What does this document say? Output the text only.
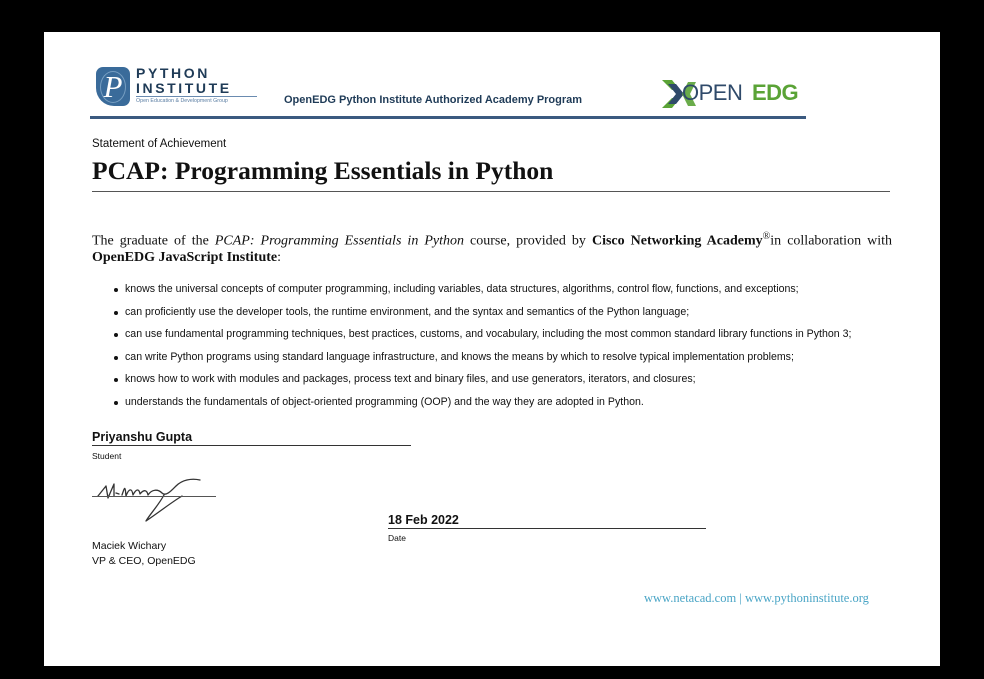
P PYTHON
INSTITUTE
Open Education & Development Group	OpenEDG Python Institute Authorized Academy Program	OPEN EDG
Statement of Achievement
PCAP: Programming Essentials in Python
The graduate of the PCAP: Programming Essentials in Python course, provided by Cisco Networking Academy®in collaboration with OpenEDG JavaScript Institute:
knows the universal concepts of computer programming, including variables, data structures, algorithms, control flow, functions, and exceptions;
can proficiently use the developer tools, the runtime environment, and the syntax and semantics of the Python language;
can use fundamental programming techniques, best practices, customs, and vocabulary, including the most common standard library functions in Python 3;
can write Python programs using standard language infrastructure, and knows the means by which to resolve typical implementation problems;
knows how to work with modules and packages, process text and binary files, and use generators, iterators, and closures;
understands the fundamentals of object-oriented programming (OOP) and the way they are adopted in Python.
Priyanshu Gupta
Student
Maciek Wichary
VP & CEO, OpenEDG
18 Feb 2022
Date
www.netacad.com | www.pythoninstitute.org
